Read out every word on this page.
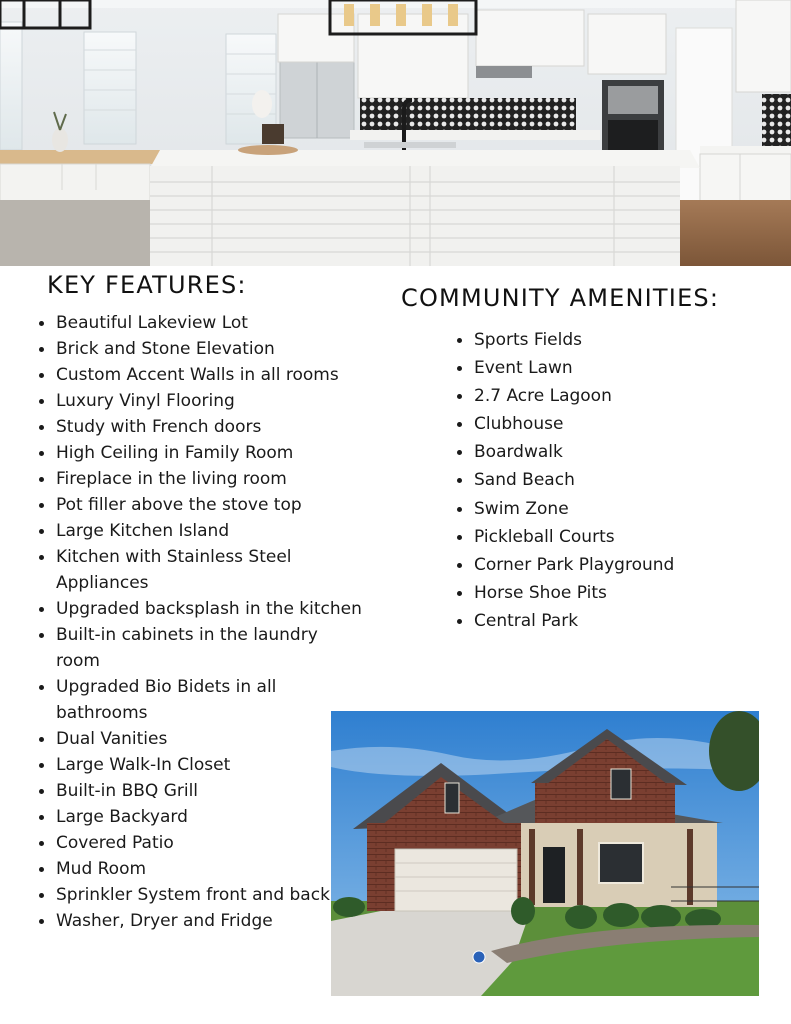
KEY FEATURES:
Beautiful Lakeview Lot
Brick and Stone Elevation
Custom Accent Walls in all rooms
Luxury Vinyl Flooring
Study with French doors
High Ceiling in Family Room
Fireplace in the living room
Pot filler above the stove top
Large Kitchen Island
Kitchen with Stainless Steel Appliances
Upgraded backsplash in the kitchen
Built-in cabinets in the laundry room
Upgraded Bio Bidets in all bathrooms
Dual Vanities
Large Walk-In Closet
Built-in BBQ Grill
Large Backyard
Covered Patio
Mud Room
Sprinkler System front and back
Washer, Dryer and Fridge
COMMUNITY AMENITIES:
Sports Fields
Event Lawn
2.7 Acre Lagoon
Clubhouse
Boardwalk
Sand Beach
Swim Zone
Pickleball Courts
Corner Park Playground
Horse Shoe Pits
Central Park
